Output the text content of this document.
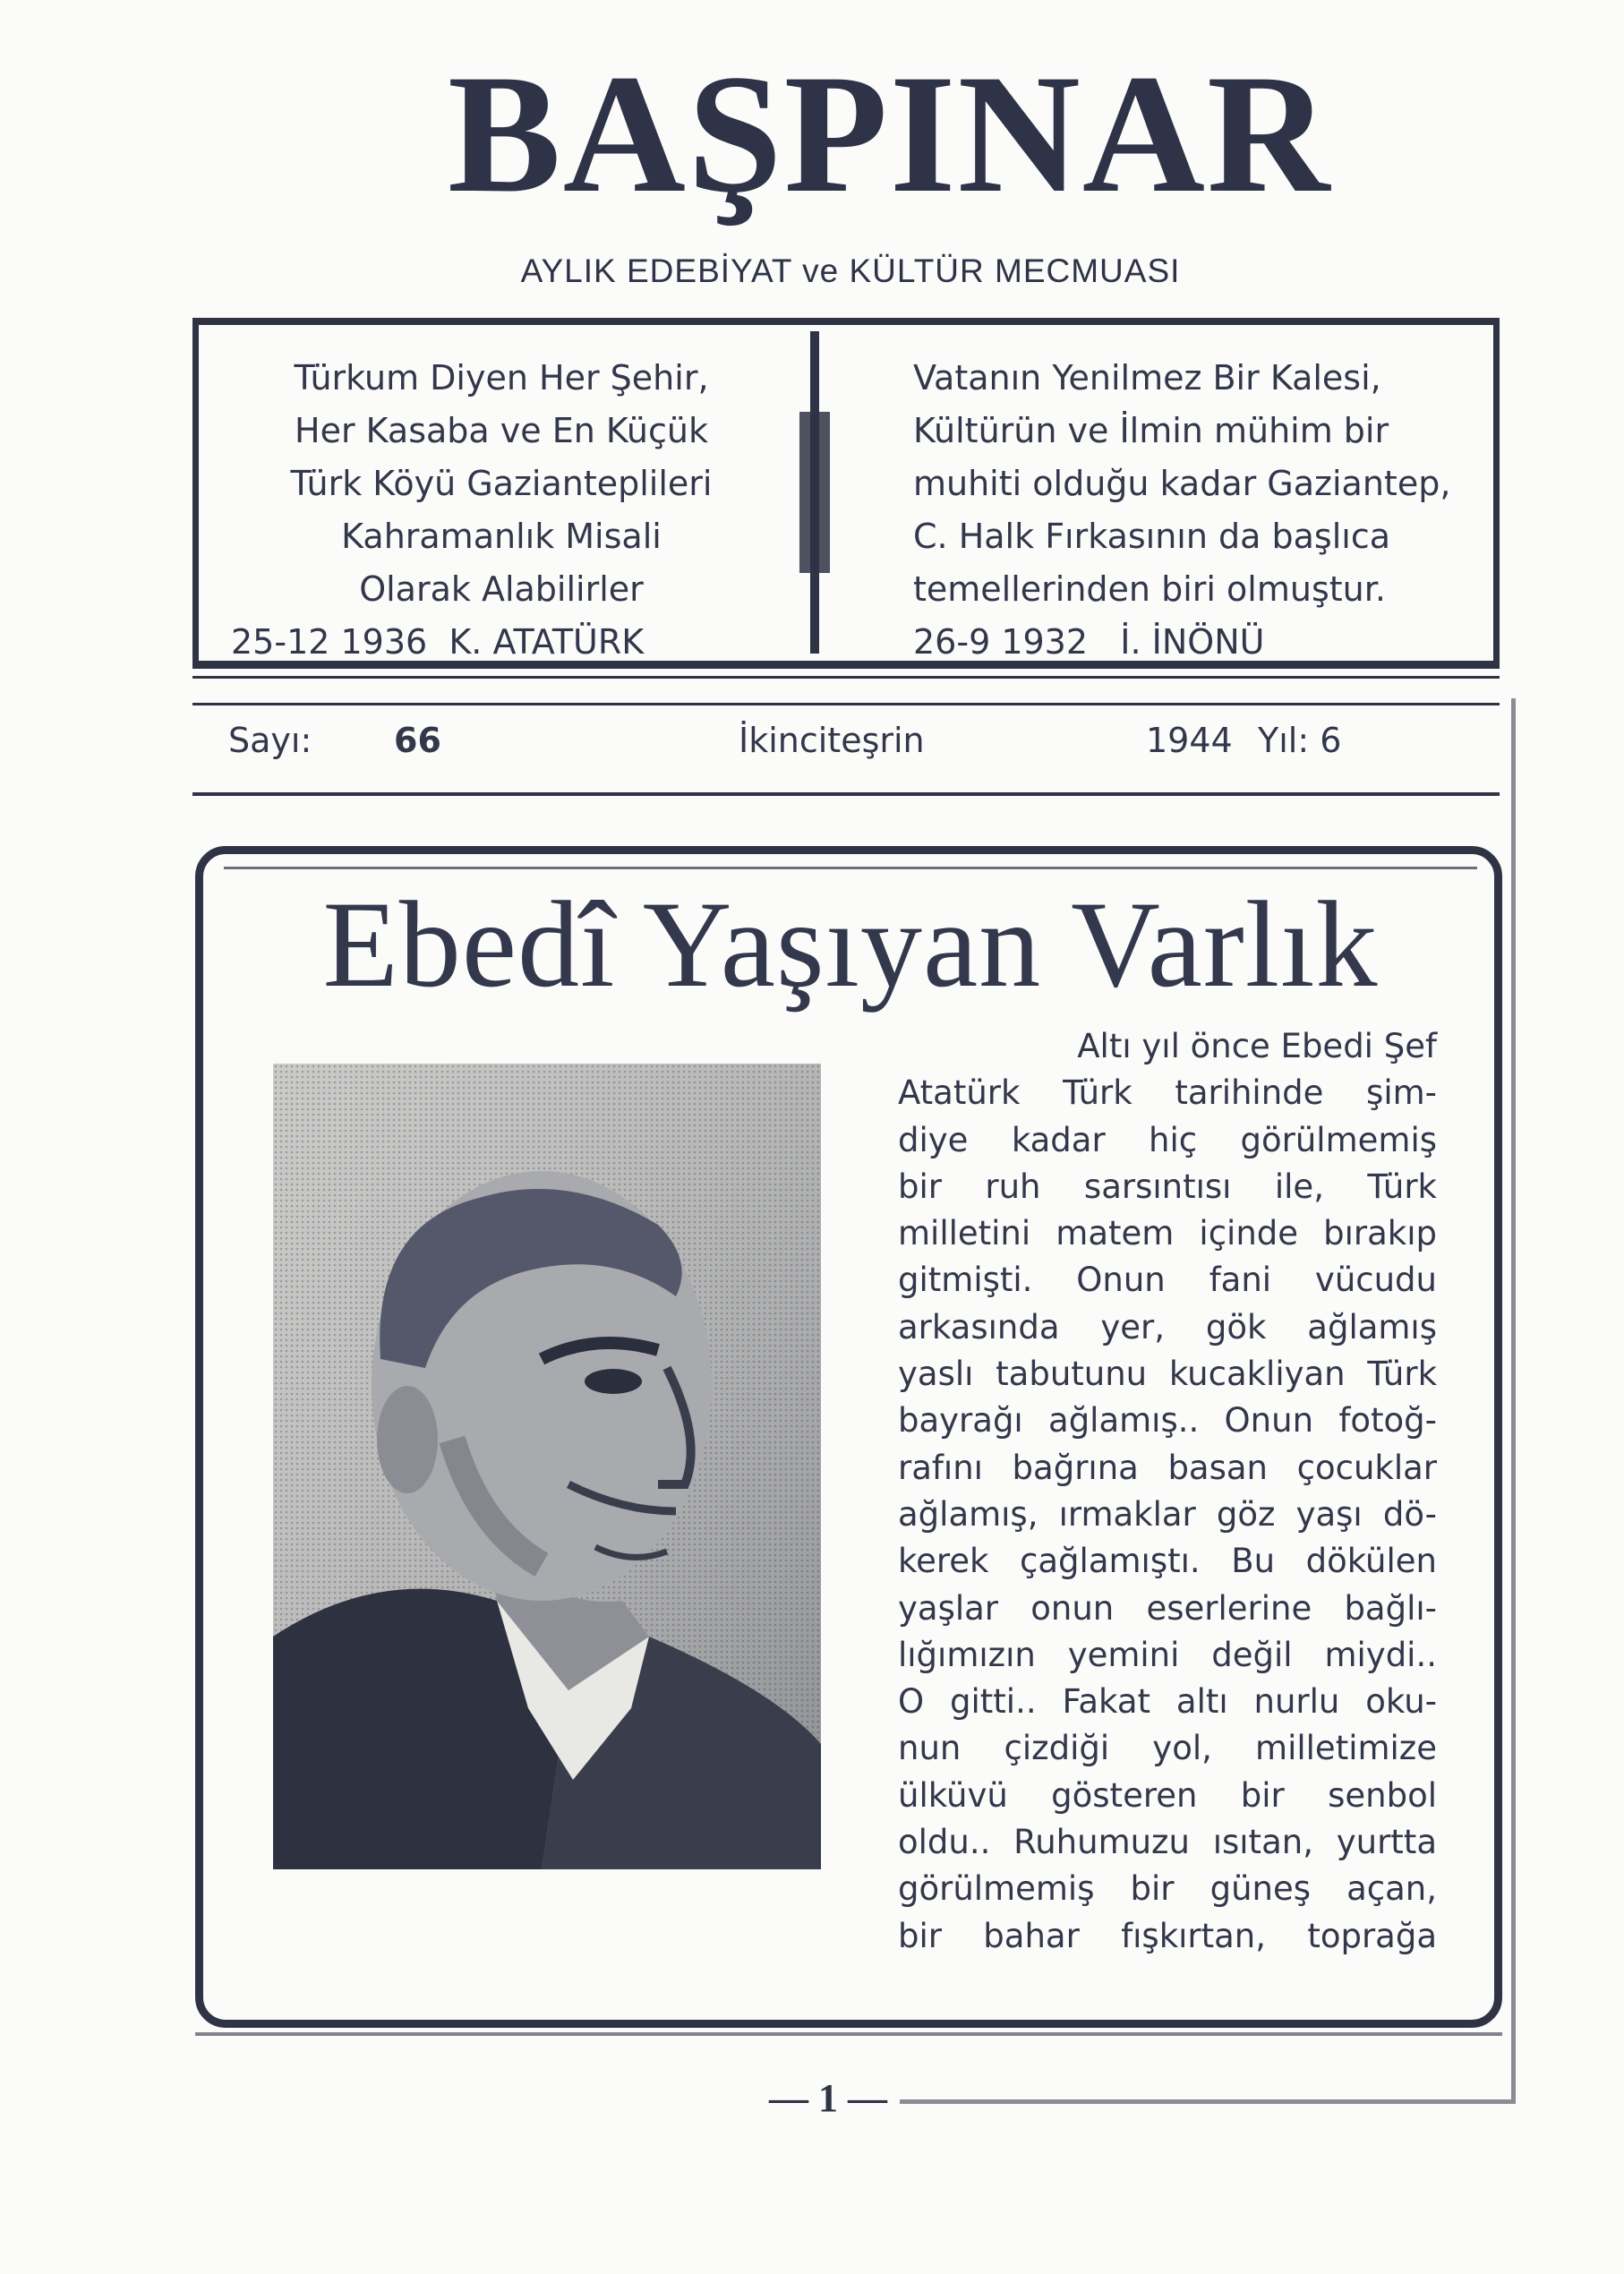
BAŞPINAR
AYLIK EDEBİYAT ve KÜLTÜR MECMUASI
Türkum Diyen Her Şehir,
Her Kasaba ve En Küçük
Türk Köyü Gazianteplileri
Kahramanlık Misali
Olarak Alabilirler
25-12 1936 K. ATATÜRK
Vatanın Yenilmez Bir Kalesi,
Kültürün ve İlmin mühim bir
muhiti olduğu kadar Gaziantep,
C. Halk Fırkasının da başlıca
temellerinden biri olmuştur.
26-9 1932 İ. İNÖNÜ
Sayı: 66	İkinciteşrin	1944 Yıl: 6
Ebedî Yaşıyan Varlık
Altı yıl önce Ebedi Şef
Atatürk Türk tarihinde şim-
diye kadar hiç görülmemiş
bir ruh sarsıntısı ile, Türk
milletini matem içinde bırakıp
gitmişti. Onun fani vücudu
arkasında yer, gök ağlamış
yaslı tabutunu kucakliyan Türk
bayrağı ağlamış.. Onun fotoğ-
rafını bağrına basan çocuklar
ağlamış, ırmaklar göz yaşı dö-
kerek çağlamıştı. Bu dökülen
yaşlar onun eserlerine bağlı-
lığımızın yemini değil miydi..
O gitti.. Fakat altı nurlu oku-
nun çizdiği yol, milletimize
ülküvü gösteren bir senbol
oldu.. Ruhumuzu ısıtan, yurtta
görülmemiş bir güneş açan,
bir bahar fışkırtan, toprağa
— 1 —
